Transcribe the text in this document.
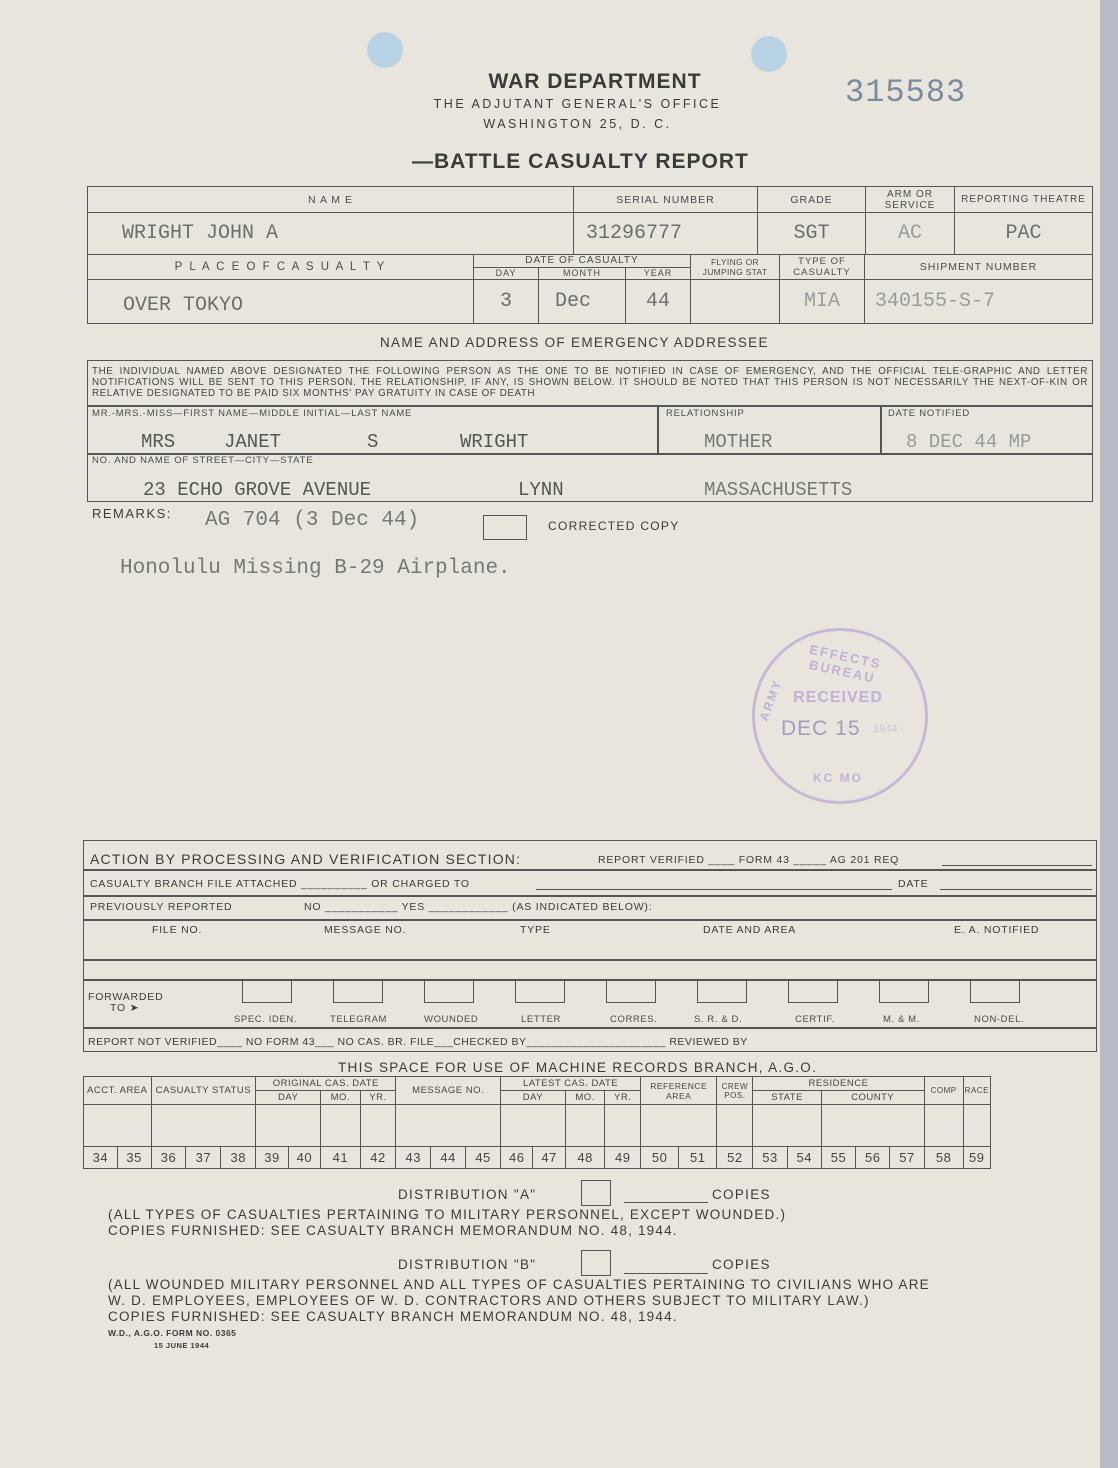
WAR DEPARTMENT
THE ADJUTANT GENERAL'S OFFICE
WASHINGTON 25, D. C.
315583
—BATTLE CASUALTY REPORT
N A M E	SERIAL NUMBER	GRADE	ARM OR SERVICE	REPORTING THEATRE
WRIGHT JOHN A	31296777	SGT	AC	PAC
P L A C E O F C A S U A L T Y	DATE OF CASUALTY			FLYING OR JUMPING STAT	TYPE OF CASUALTY	SHIPMENT NUMBER
	DAY	MONTH	YEAR			
OVER TOKYO	3	Dec	44		MIA	340155-S-7
NAME AND ADDRESS OF EMERGENCY ADDRESSEE
THE INDIVIDUAL NAMED ABOVE DESIGNATED THE FOLLOWING PERSON AS THE ONE TO BE NOTIFIED IN CASE OF EMERGENCY, AND THE OFFICIAL TELE-GRAPHIC AND LETTER NOTIFICATIONS WILL BE SENT TO THIS PERSON. THE RELATIONSHIP, IF ANY, IS SHOWN BELOW. IT SHOULD BE NOTED THAT THIS PERSON IS NOT NECESSARILY THE NEXT-OF-KIN OR RELATIVE DESIGNATED TO BE PAID SIX MONTHS' PAY GRATUITY IN CASE OF DEATH
MR.-MRS.-MISS—FIRST NAME—MIDDLE INITIAL—LAST NAME	RELATIONSHIP	DATE NOTIFIED
MRS	JANET	S	WRIGHT	MOTHER	8 DEC 44 MP
NO. AND NAME OF STREET—CITY—STATE
23 ECHO GROVE AVENUE	LYNN	MASSACHUSETTS
REMARKS: AG 704 (3 Dec 44)	CORRECTED COPY
Honolulu Missing B-29 Airplane.
EFFECTS BUREAU
ARMY RECEIVED
DEC 15 1944
KC MO
ACTION BY PROCESSING AND VERIFICATION SECTION:	REPORT VERIFIED ____ FORM 43 _____ AG 201 REQ
CASUALTY BRANCH FILE ATTACHED __________ OR CHARGED TO	DATE
PREVIOUSLY REPORTED	NO ___________ YES ____________ (AS INDICATED BELOW):
FILE NO.	MESSAGE NO.	TYPE	DATE AND AREA	E. A. NOTIFIED
FORWARDED
TO ➤
REPORT NOT VERIFIED____ NO FORM 43___ NO CAS. BR. FILE___CHECKED BY______________________ REVIEWED BY
SPEC. IDEN.	TELEGRAM	WOUNDED	LETTER	CORRES.	S. R. & D.	CERTIF.	M. & M.	NON-DEL.
THIS SPACE FOR USE OF MACHINE RECORDS BRANCH, A.G.O.
ACCT. AREA		CASUALTY STATUS			ORIGINAL CAS. DATE				MESSAGE NO.			LATEST CAS. DATE				REFERENCE AREA		CREW POS.	RESIDENCE					COMP	RACE
					DAY		MO.	YR.				DAY		MO.	YR.				STATE		COUNTY				

34	35	36	37	38	39	40	41	42	43	44	45	46	47	48	49	50	51	52	53	54	55	56	57	58	59
DISTRIBUTION "A"	COPIES
(ALL TYPES OF CASUALTIES PERTAINING TO MILITARY PERSONNEL, EXCEPT WOUNDED.)
COPIES FURNISHED: SEE CASUALTY BRANCH MEMORANDUM NO. 48, 1944.
DISTRIBUTION "B"	COPIES
(ALL WOUNDED MILITARY PERSONNEL AND ALL TYPES OF CASUALTIES PERTAINING TO CIVILIANS WHO ARE
W. D. EMPLOYEES, EMPLOYEES OF W. D. CONTRACTORS AND OTHERS SUBJECT TO MILITARY LAW.)
COPIES FURNISHED: SEE CASUALTY BRANCH MEMORANDUM NO. 48, 1944.
W.D., A.G.O. FORM NO. 0365
15 JUNE 1944
